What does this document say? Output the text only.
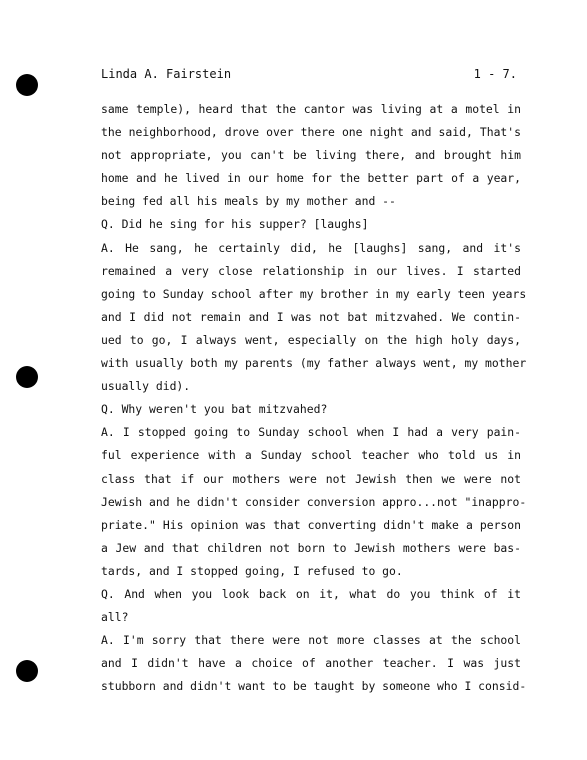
Linda A. Fairstein	1 - 7.
same temple), heard that the cantor was living at a motel in
the neighborhood, drove over there one night and said, That's
not appropriate, you can't be living there, and brought him
home and he lived in our home for the better part of a year,
being fed all his meals by my mother and --
Q. Did he sing for his supper? [laughs]
A. He sang, he certainly did, he [laughs] sang, and it's
remained a very close relationship in our lives. I started
going to Sunday school after my brother in my early teen years
and I did not remain and I was not bat mitzvahed. We contin-
ued to go, I always went, especially on the high holy days,
with usually both my parents (my father always went, my mother
usually did).
Q. Why weren't you bat mitzvahed?
A. I stopped going to Sunday school when I had a very pain-
ful experience with a Sunday school teacher who told us in
class that if our mothers were not Jewish then we were not
Jewish and he didn't consider conversion appro...not "inappro-
priate." His opinion was that converting didn't make a person
a Jew and that children not born to Jewish mothers were bas-
tards, and I stopped going, I refused to go.
Q. And when you look back on it, what do you think of it
all?
A. I'm sorry that there were not more classes at the school
and I didn't have a choice of another teacher. I was just
stubborn and didn't want to be taught by someone who I consid-
